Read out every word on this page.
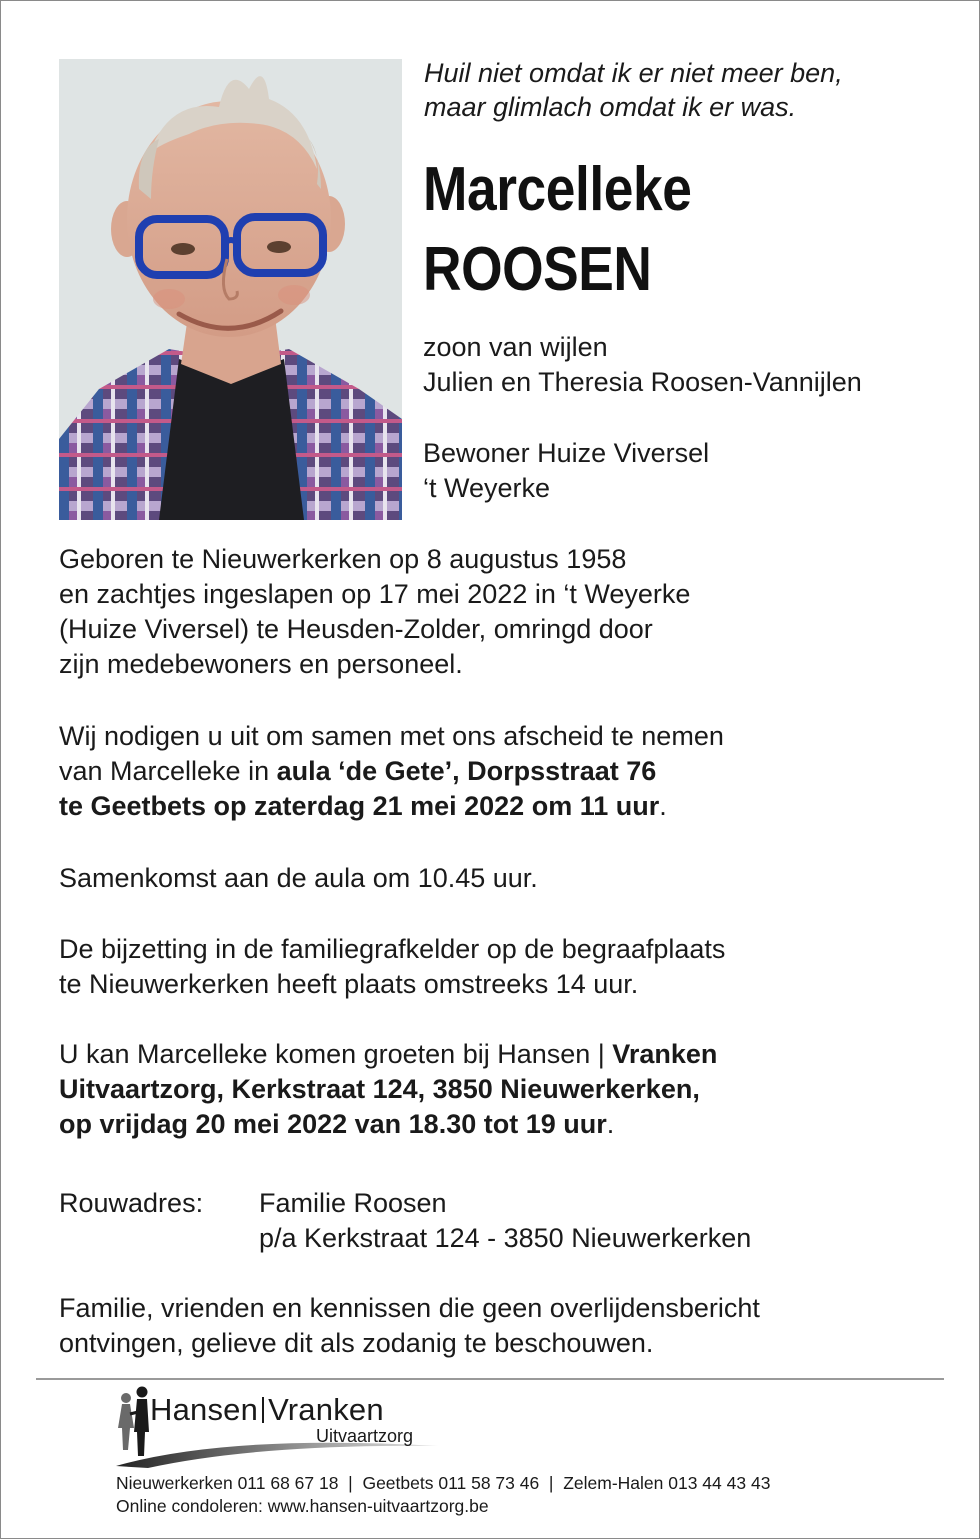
Huil niet omdat ik er niet meer ben,
maar glimlach omdat ik er was.
Marcelleke
ROOSEN
zoon van wijlen
Julien en Theresia Roosen-Vannijlen
Bewoner Huize Viversel
‘t Weyerke
Geboren te Nieuwerkerken op 8 augustus 1958
en zachtjes ingeslapen op 17 mei 2022 in ‘t Weyerke
(Huize Viversel) te Heusden-Zolder, omringd door
zijn medebewoners en personeel.
Wij nodigen u uit om samen met ons afscheid te nemen
van Marcelleke in aula ‘de Gete’, Dorpsstraat 76
te Geetbets op zaterdag 21 mei 2022 om 11 uur.
Samenkomst aan de aula om 10.45 uur.
De bijzetting in de familiegrafkelder op de begraafplaats
te Nieuwerkerken heeft plaats omstreeks 14 uur.
U kan Marcelleke komen groeten bij Hansen | Vranken
Uitvaartzorg, Kerkstraat 124, 3850 Nieuwerkerken,
op vrijdag 20 mei 2022 van 18.30 tot 19 uur.
Rouwadres: Familie Roosen
p/a Kerkstraat 124 - 3850 Nieuwerkerken
Familie, vrienden en kennissen die geen overlijdensbericht
ontvingen, gelieve dit als zodanig te beschouwen.
Hansen Vranken
Uitvaartzorg
Nieuwerkerken 011 68 67 18  |  Geetbets 011 58 73 46  |  Zelem-Halen 013 44 43 43
Online condoleren: www.hansen-uitvaartzorg.be
